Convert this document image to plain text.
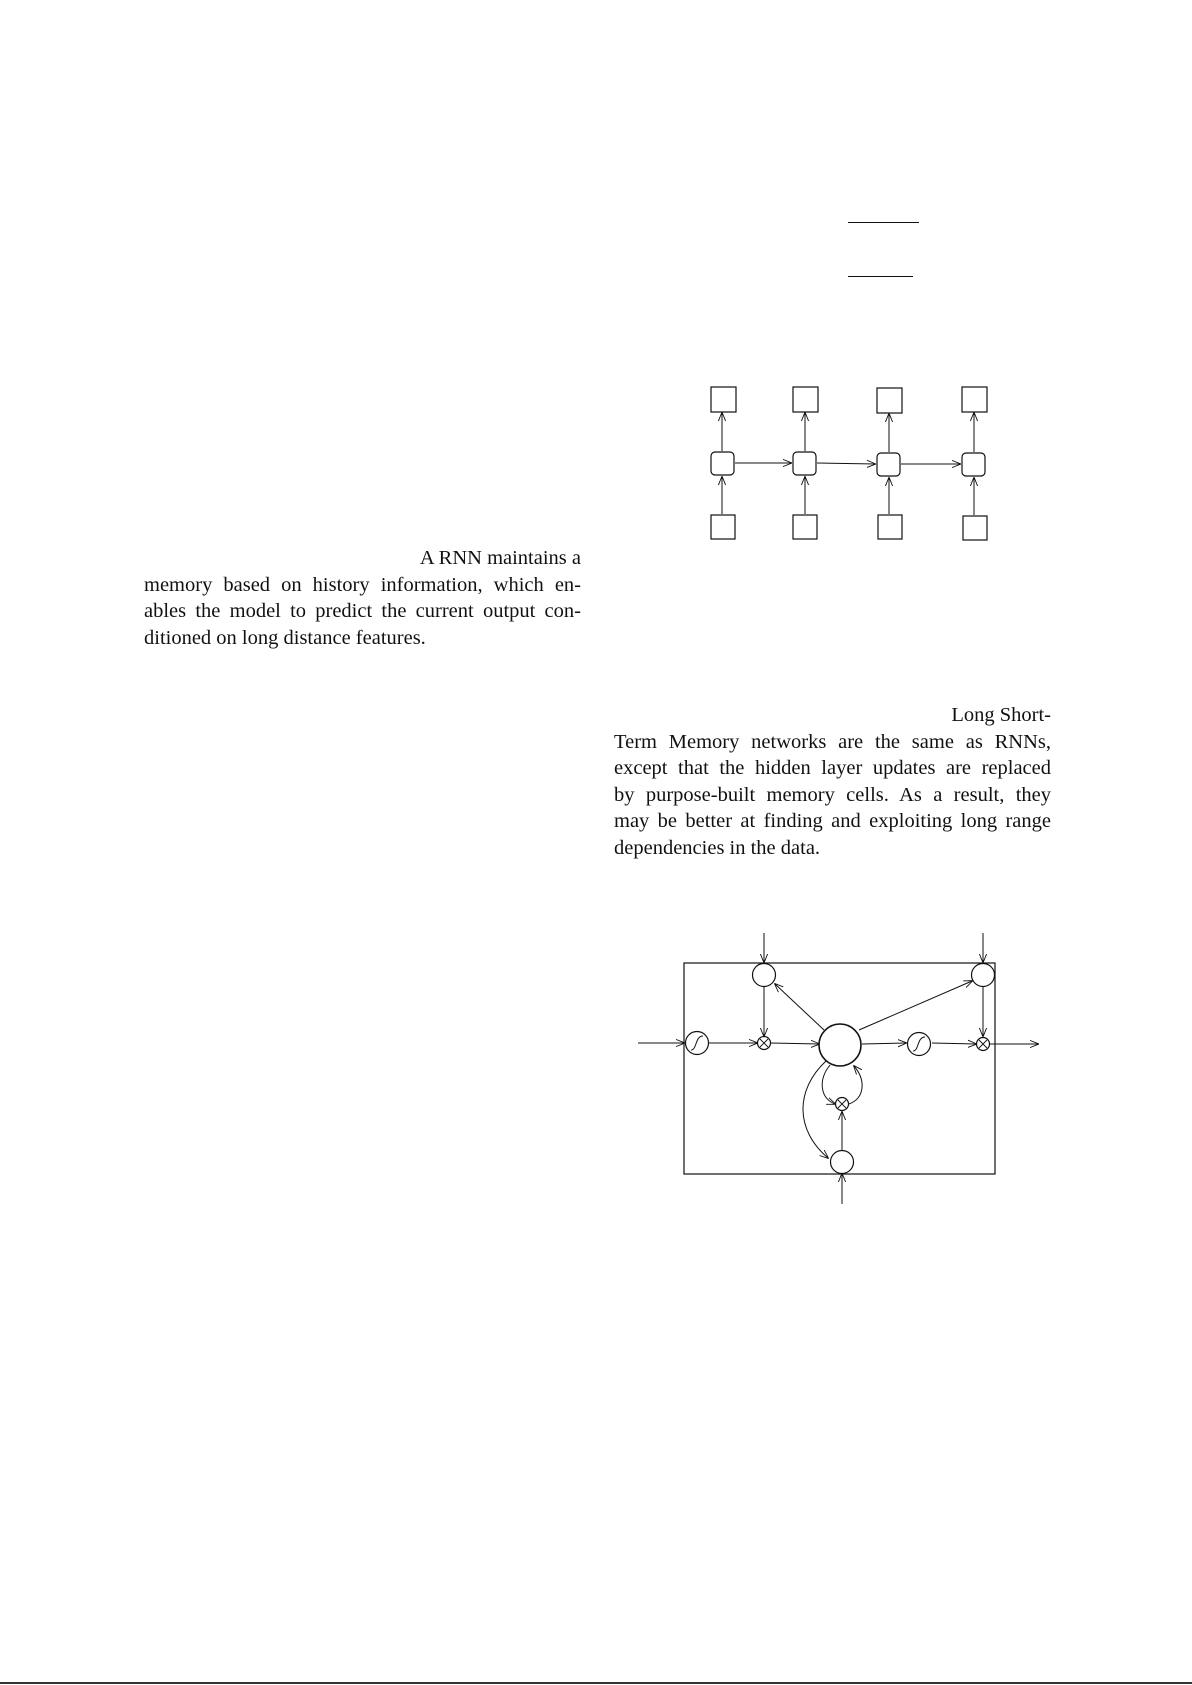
A RNN maintains a
memory based on history information, which en-
ables the model to predict the current output con-
ditioned on long distance features.
Long Short-
Term Memory networks are the same as RNNs,
except that the hidden layer updates are replaced
by purpose-built memory cells. As a result, they
may be better at finding and exploiting long range
dependencies in the data.
